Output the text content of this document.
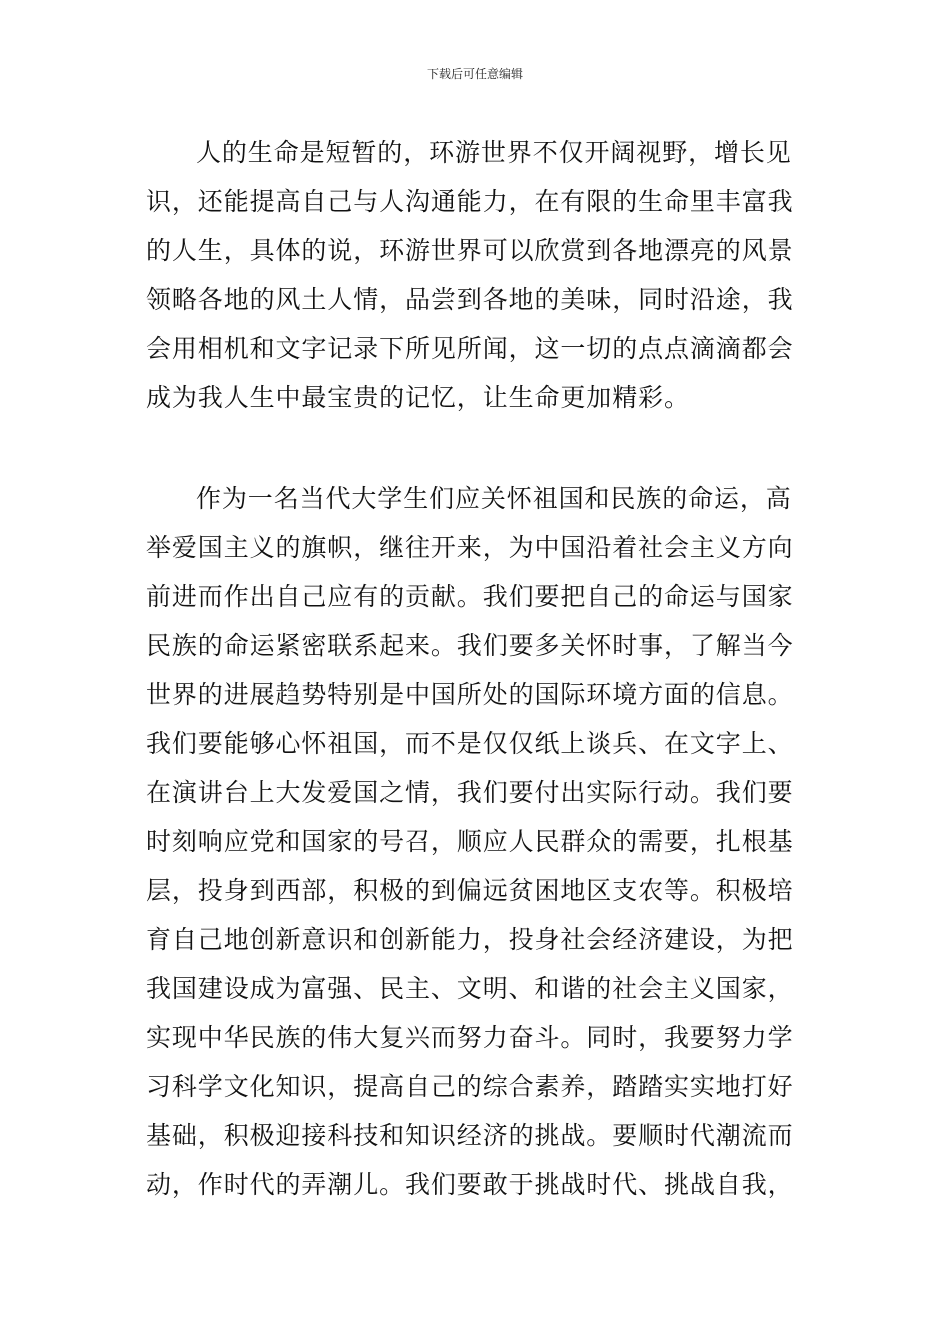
下载后可任意编辑
人的生命是短暂的，环游世界不仅开阔视野，增长见
识，还能提高自己与人沟通能力，在有限的生命里丰富我
的人生，具体的说，环游世界可以欣赏到各地漂亮的风景
领略各地的风土人情，品尝到各地的美味，同时沿途，我
会用相机和文字记录下所见所闻，这一切的点点滴滴都会
成为我人生中最宝贵的记忆，让生命更加精彩。
作为一名当代大学生们应关怀祖国和民族的命运，高
举爱国主义的旗帜，继往开来，为中国沿着社会主义方向
前进而作出自己应有的贡献。我们要把自己的命运与国家
民族的命运紧密联系起来。我们要多关怀时事，了解当今
世界的进展趋势特别是中国所处的国际环境方面的信息。
我们要能够心怀祖国，而不是仅仅纸上谈兵、在文字上、
在演讲台上大发爱国之情，我们要付出实际行动。我们要
时刻响应党和国家的号召，顺应人民群众的需要，扎根基
层，投身到西部，积极的到偏远贫困地区支农等。积极培
育自己地创新意识和创新能力，投身社会经济建设，为把
我国建设成为富强、民主、文明、和谐的社会主义国家，
实现中华民族的伟大复兴而努力奋斗。同时，我要努力学
习科学文化知识，提高自己的综合素养，踏踏实实地打好
基础，积极迎接科技和知识经济的挑战。要顺时代潮流而
动，作时代的弄潮儿。我们要敢于挑战时代、挑战自我，
